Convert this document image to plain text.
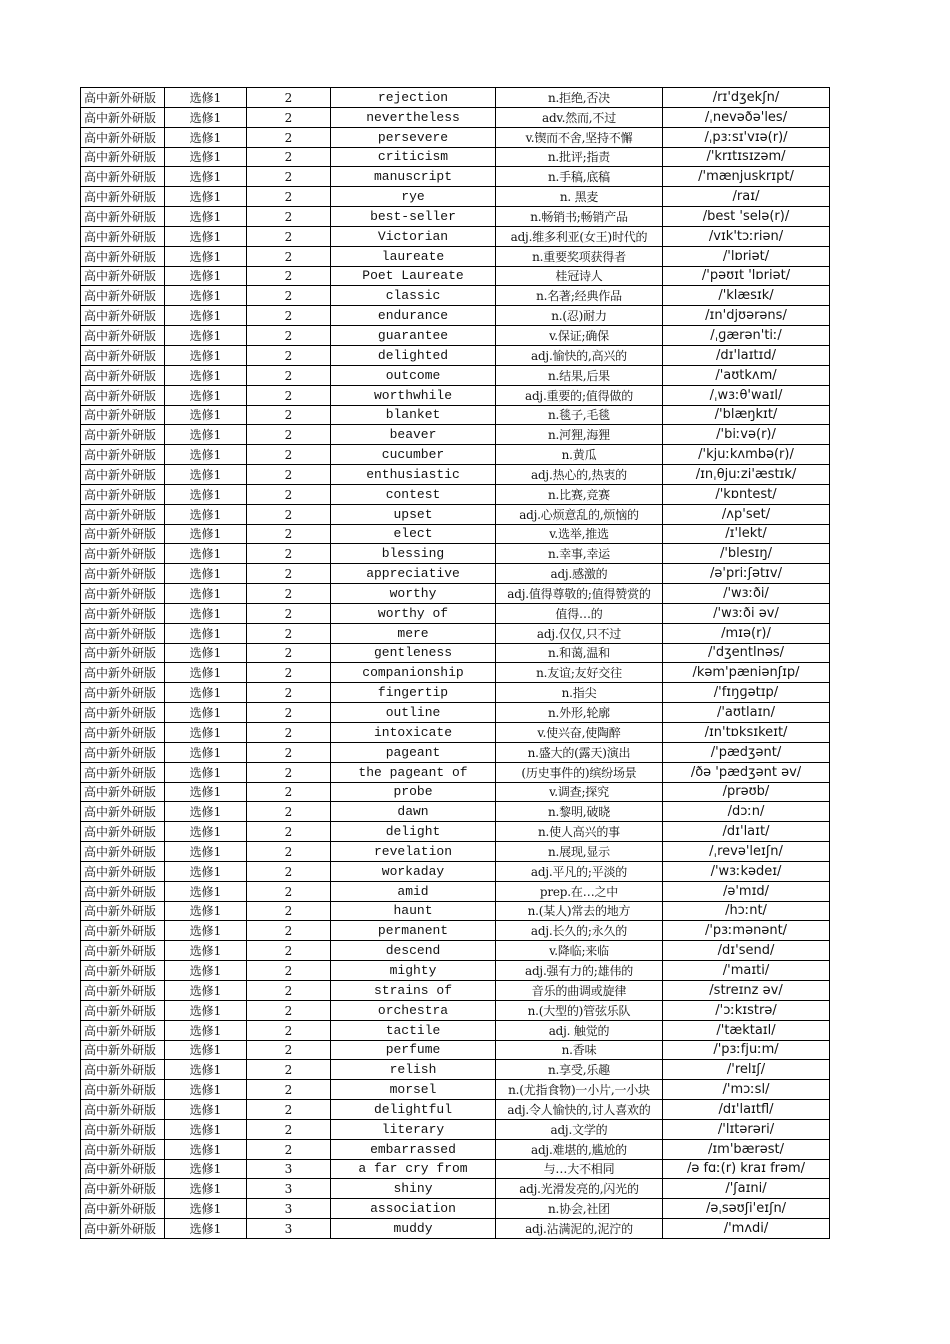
高中新外研版	选修1	2	rejection	n.拒绝,否决	/rɪ'dʒekʃn/
高中新外研版	选修1	2	nevertheless	adv.然而,不过	/ˌnevəðə'les/
高中新外研版	选修1	2	persevere	v.锲而不舍,坚持不懈	/ˌpɜːsɪ'vɪə(r)/
高中新外研版	选修1	2	criticism	n.批评;指责	/'krɪtɪsɪzəm/
高中新外研版	选修1	2	manuscript	n.手稿,底稿	/'mænjuskrɪpt/
高中新外研版	选修1	2	rye	n. 黑麦	/raɪ/
高中新外研版	选修1	2	best-seller	n.畅销书;畅销产品	/best 'selə(r)/
高中新外研版	选修1	2	Victorian	adj.维多利亚(女王)时代的	/vɪk'tɔːriən/
高中新外研版	选修1	2	laureate	n.重要奖项获得者	/'lɒriət/
高中新外研版	选修1	2	Poet Laureate	桂冠诗人	/'pəʊɪt 'lɒriət/
高中新外研版	选修1	2	classic	n.名著;经典作品	/'klæsɪk/
高中新外研版	选修1	2	endurance	n.(忍)耐力	/ɪn'djʊərəns/
高中新外研版	选修1	2	guarantee	v.保证;确保	/ˌɡærən'tiː/
高中新外研版	选修1	2	delighted	adj.愉快的,高兴的	/dɪ'laɪtɪd/
高中新外研版	选修1	2	outcome	n.结果,后果	/'aʊtkʌm/
高中新外研版	选修1	2	worthwhile	adj.重要的;值得做的	/ˌwɜːθ'waɪl/
高中新外研版	选修1	2	blanket	n.毯子,毛毯	/'blæŋkɪt/
高中新外研版	选修1	2	beaver	n.河狸,海狸	/'biːvə(r)/
高中新外研版	选修1	2	cucumber	n.黄瓜	/'kjuːkʌmbə(r)/
高中新外研版	选修1	2	enthusiastic	adj.热心的,热衷的	/ɪnˌθjuːzi'æstɪk/
高中新外研版	选修1	2	contest	n.比赛,竞赛	/'kɒntest/
高中新外研版	选修1	2	upset	adj.心烦意乱的,烦恼的	/ʌp'set/
高中新外研版	选修1	2	elect	v.选举,推选	/ɪ'lekt/
高中新外研版	选修1	2	blessing	n.幸事,幸运	/'blesɪŋ/
高中新外研版	选修1	2	appreciative	adj.感激的	/ə'priːʃətɪv/
高中新外研版	选修1	2	worthy	adj.值得尊敬的;值得赞赏的	/'wɜːði/
高中新外研版	选修1	2	worthy of	值得…的	/'wɜːði əv/
高中新外研版	选修1	2	mere	adj.仅仅,只不过	/mɪə(r)/
高中新外研版	选修1	2	gentleness	n.和蔼,温和	/'dʒentlnəs/
高中新外研版	选修1	2	companionship	n.友谊;友好交往	/kəm'pæniənʃɪp/
高中新外研版	选修1	2	fingertip	n.指尖	/'fɪŋɡətɪp/
高中新外研版	选修1	2	outline	n.外形,轮廓	/'aʊtlaɪn/
高中新外研版	选修1	2	intoxicate	v.使兴奋,使陶醉	/ɪn'tɒksɪkeɪt/
高中新外研版	选修1	2	pageant	n.盛大的(露天)演出	/'pædʒənt/
高中新外研版	选修1	2	the pageant of	(历史事件的)缤纷场景	/ðə 'pædʒənt əv/
高中新外研版	选修1	2	probe	v.调查;探究	/prəʊb/
高中新外研版	选修1	2	dawn	n.黎明,破晓	/dɔːn/
高中新外研版	选修1	2	delight	n.使人高兴的事	/dɪ'laɪt/
高中新外研版	选修1	2	revelation	n.展现,显示	/ˌrevə'leɪʃn/
高中新外研版	选修1	2	workaday	adj.平凡的;平淡的	/'wɜːkədeɪ/
高中新外研版	选修1	2	amid	prep.在…之中	/ə'mɪd/
高中新外研版	选修1	2	haunt	n.(某人)常去的地方	/hɔːnt/
高中新外研版	选修1	2	permanent	adj.长久的;永久的	/'pɜːmənənt/
高中新外研版	选修1	2	descend	v.降临;来临	/dɪ'send/
高中新外研版	选修1	2	mighty	adj.强有力的;雄伟的	/'maɪti/
高中新外研版	选修1	2	strains of	音乐的曲调或旋律	/streɪnz əv/
高中新外研版	选修1	2	orchestra	n.(大型的)管弦乐队	/'ɔːkɪstrə/
高中新外研版	选修1	2	tactile	adj. 触觉的	/'tæktaɪl/
高中新外研版	选修1	2	perfume	n.香味	/'pɜːfjuːm/
高中新外研版	选修1	2	relish	n.享受,乐趣	/'relɪʃ/
高中新外研版	选修1	2	morsel	n.(尤指食物)一小片,一小块	/'mɔːsl/
高中新外研版	选修1	2	delightful	adj.令人愉快的,讨人喜欢的	/dɪ'laɪtfl/
高中新外研版	选修1	2	literary	adj.文学的	/'lɪtərəri/
高中新外研版	选修1	2	embarrassed	adj.难堪的,尴尬的	/ɪm'bærəst/
高中新外研版	选修1	3	a far cry from	与…大不相同	/ə fɑː(r) kraɪ frəm/
高中新外研版	选修1	3	shiny	adj.光滑发亮的,闪光的	/'ʃaɪni/
高中新外研版	选修1	3	association	n.协会,社团	/əˌsəʊʃi'eɪʃn/
高中新外研版	选修1	3	muddy	adj.沾满泥的,泥泞的	/'mʌdi/
